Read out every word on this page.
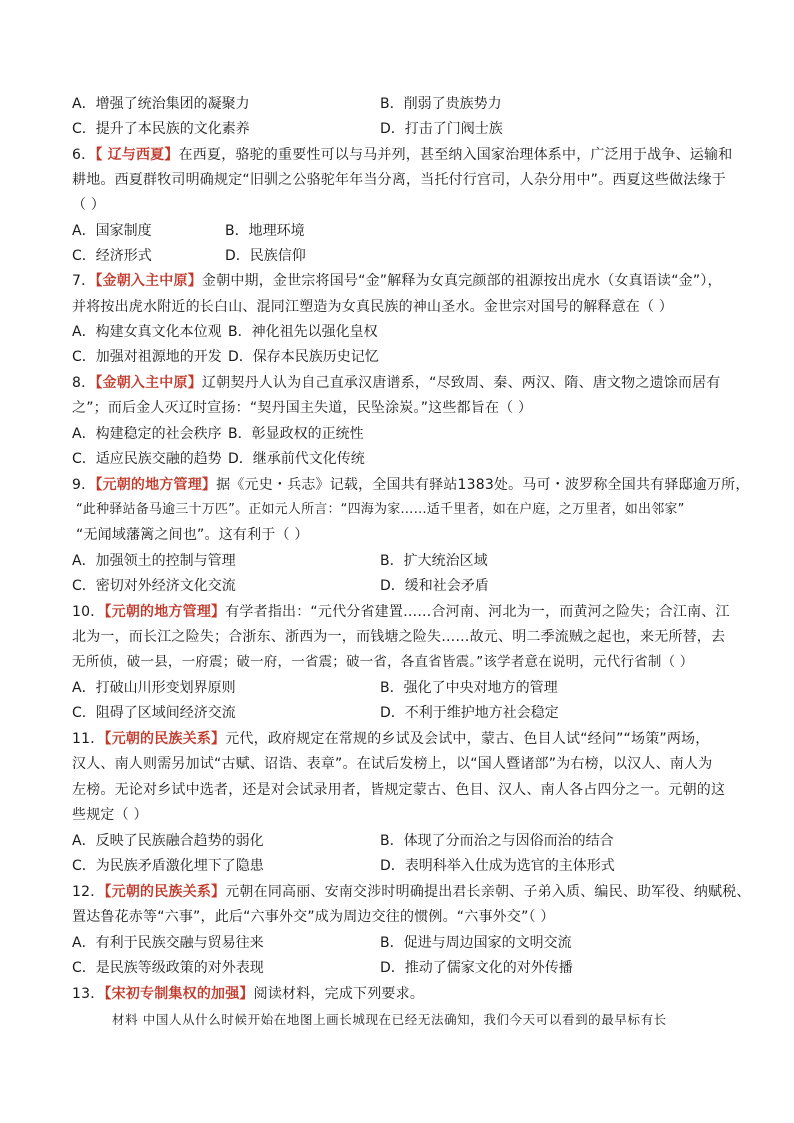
A．增强了统治集团的凝聚力	B．削弱了贵族势力
C．提升了本民族的文化素养	D．打击了门阀士族
6．【 辽与西夏】在西夏，骆驼的重要性可以与马并列，甚至纳入国家治理体系中，广泛用于战争、运输和
耕地。西夏群牧司明确规定“旧驯之公骆驼年年当分离，当托付行宫司，人杂分用中”。西夏这些做法缘于
（ ）
A．国家制度	B．地理环境
C．经济形式	D．民族信仰
7．【金朝入主中原】金朝中期，金世宗将国号“金”解释为女真完颜部的祖源按出虎水（女真语读“金”），
并将按出虎水附近的长白山、混同江塑造为女真民族的神山圣水。金世宗对国号的解释意在（ ）
A．构建女真文化本位观 B．神化祖先以强化皇权
C．加强对祖源地的开发 D．保存本民族历史记忆
8．【金朝入主中原】辽朝契丹人认为自己直承汉唐谱系，“尽致周、秦、两汉、隋、唐文物之遗馀而居有
之”；而后金人灭辽时宣扬：“契丹国主失道，民坠涂炭。”这些都旨在（ ）
A．构建稳定的社会秩序 B．彰显政权的正统性
C．适应民族交融的趋势 D．继承前代文化传统
9．【元朝的地方管理】据《元史・兵志》记载，全国共有驿站1383处。马可・波罗称全国共有驿邸逾万所，
“此种驿站备马逾三十万匹”。正如元人所言：“四海为家……适千里者，如在户庭，之万里者，如出邻家”
“无闻域藩篱之间也”。这有利于（ ）
A．加强领土的控制与管理	B．扩大统治区域
C．密切对外经济文化交流	D．缓和社会矛盾
10．【元朝的地方管理】有学者指出：“元代分省建置……合河南、河北为一，而黄河之险失；合江南、江
北为一，而长江之险失；合浙东、浙西为一，而钱塘之险失……故元、明二季流贼之起也，来无所替，去
无所侦，破一县，一府震；破一府，一省震；破一省，各直省皆震。”该学者意在说明，元代行省制（ ）
A．打破山川形变划界原则	B．强化了中央对地方的管理
C．阻碍了区域间经济交流	D．不利于维护地方社会稳定
11．【元朝的民族关系】元代，政府规定在常规的乡试及会试中，蒙古、色目人试“经问”“场策”两场，
汉人、南人则需另加试“古赋、诏诰、表章”。在试后发榜上，以“国人暨诸部”为右榜，以汉人、南人为
左榜。无论对乡试中选者，还是对会试录用者，皆规定蒙古、色目、汉人、南人各占四分之一。元朝的这
些规定（ ）
A．反映了民族融合趋势的弱化	B．体现了分而治之与因俗而治的结合
C．为民族矛盾激化埋下了隐患	D．表明科举入仕成为选官的主体形式
12．【元朝的民族关系】元朝在同高丽、安南交涉时明确提出君长亲朝、子弟入质、编民、助军役、纳赋税、
置达鲁花赤等“六事”，此后“六事外交”成为周边交往的惯例。“六事外交”（ ）
A．有利于民族交融与贸易往来	B．促进与周边国家的文明交流
C．是民族等级政策的对外表现	D．推动了儒家文化的对外传播
13．【宋初专制集权的加强】阅读材料，完成下列要求。
材料 中国人从什么时候开始在地图上画长城现在已经无法确知，我们今天可以看到的最早标有长
